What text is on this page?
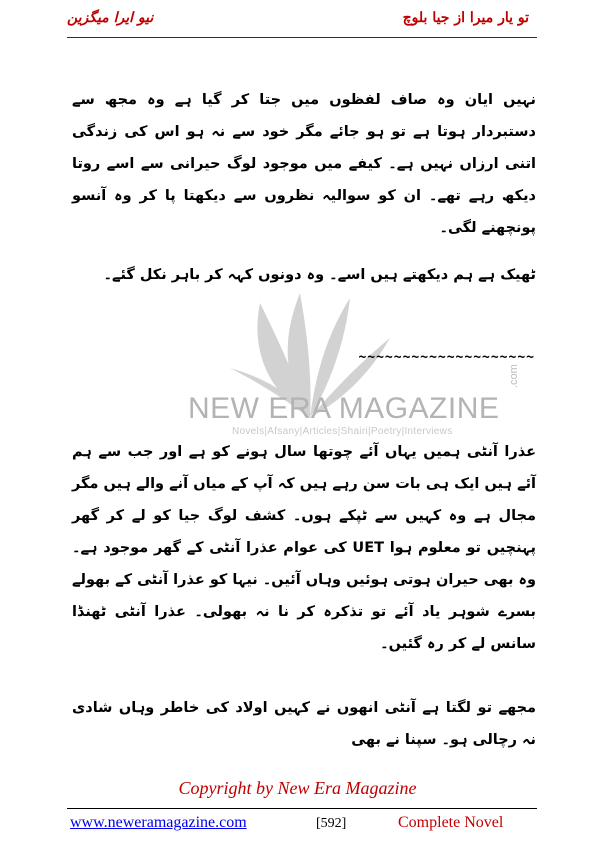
نیو ایرا میگزین	تو یار میرا از جیا بلوچ
NEW ERA MAGAZINE
.com
Novels|Afsany|Articles|Shairi|Poetry|Interviews
نہیں ایان وہ صاف لفظوں میں جتا کر گیا ہے وہ مجھ سے دستبردار ہوتا ہے تو ہو جائے مگر خود سے نہ ہو اس کی زندگی اتنی ارزاں نہیں ہے۔ کیفے میں موجود لوگ حیرانی سے اسے روتا دیکھ رہے تھے۔ ان کو سوالیہ نظروں سے دیکھتا پا کر وہ آنسو پونچھنے لگی۔
ٹھیک ہے ہم دیکھتے ہیں اسے۔ وہ دونوں کہہ کر باہر نکل گئے۔
~~~~~~~~~~~~~~~~~~~~
عذرا آنٹی ہمیں یہاں آئے چوتھا سال ہونے کو ہے اور جب سے ہم آئے ہیں ایک ہی بات سن رہے ہیں کہ آپ کے میاں آنے والے ہیں مگر مجال ہے وہ کہیں سے ٹپکے ہوں۔ کشف لوگ جیا کو لے کر گھر پہنچیں تو معلوم ہوا UET کی عوام عذرا آنٹی کے گھر موجود ہے۔ وہ بھی حیران ہوتی ہوئیں وہاں آئیں۔ نیہا کو عذرا آنٹی کے بھولے بسرے شوہر یاد آئے تو تذکرہ کر نا نہ بھولی۔ عذرا آنٹی ٹھنڈا سانس لے کر رہ گئیں۔
مجھے تو لگتا ہے آنٹی انھوں نے کہیں اولاد کی خاطر وہاں شادی نہ رچالی ہو۔ سپنا نے بھی
Copyright by New Era Magazine
www.neweramagazine.com	[592]	Complete Novel
